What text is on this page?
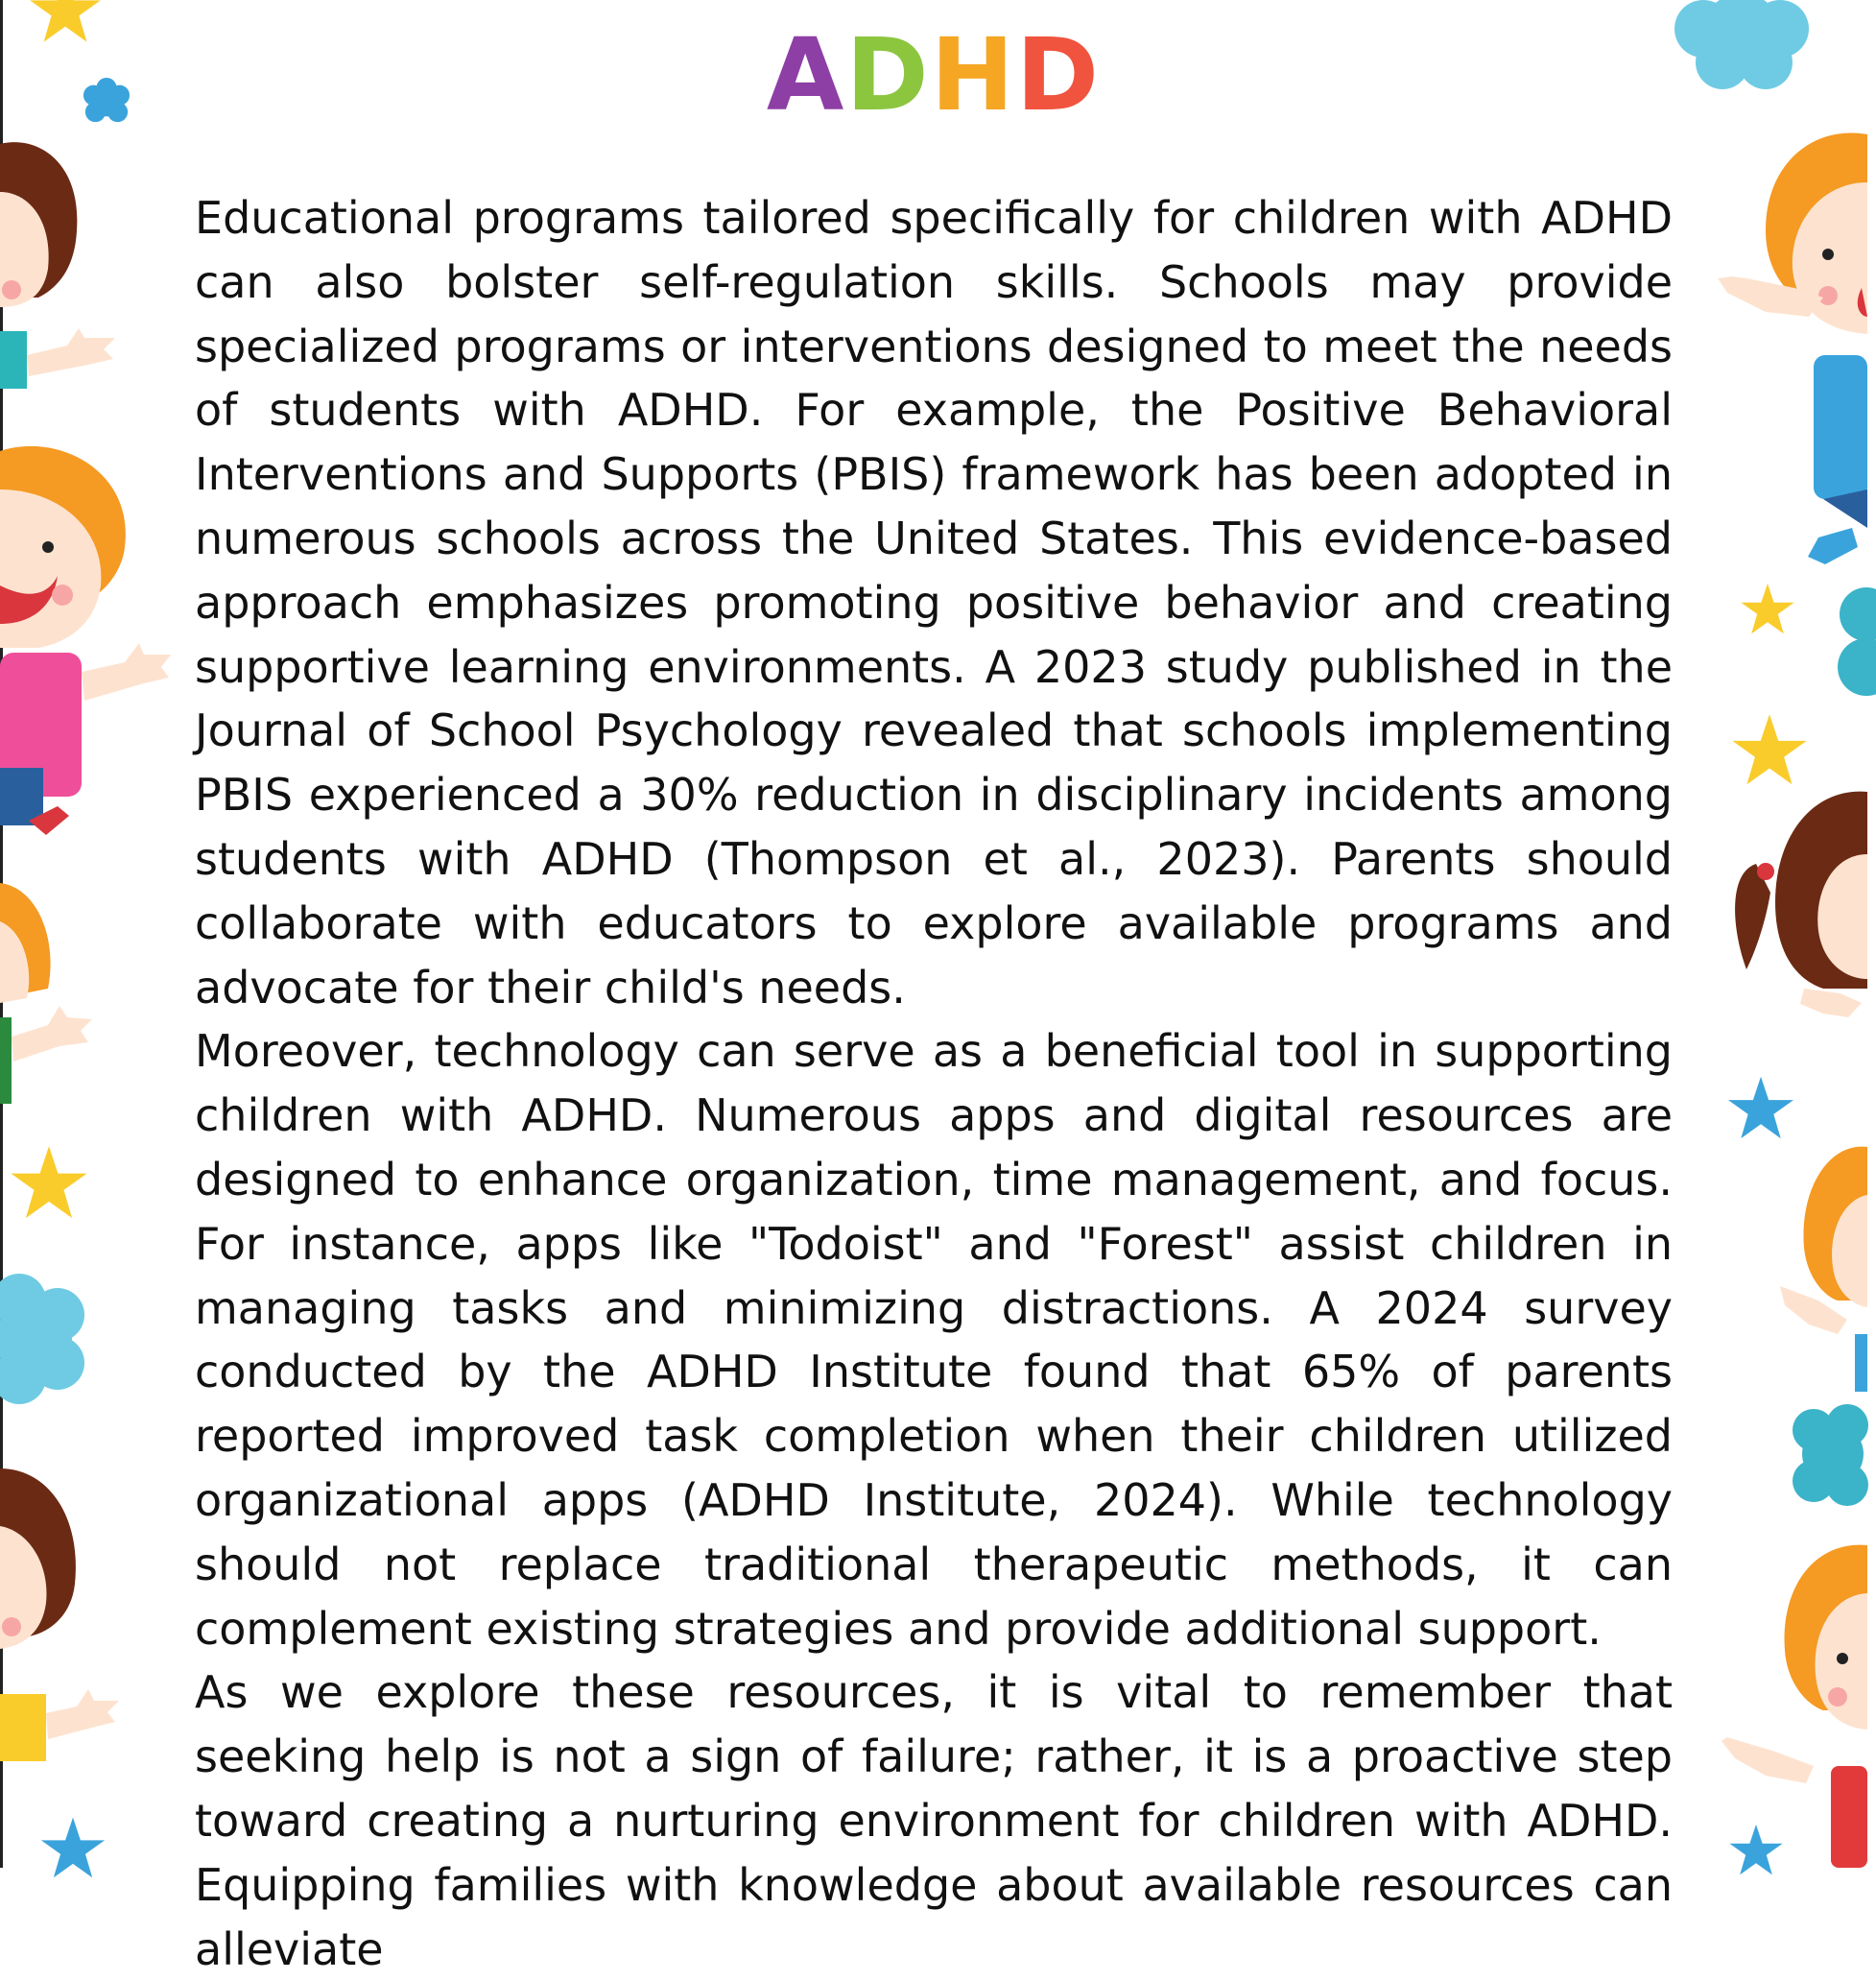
ADHD

Educational programs tailored specifically for children with ADHD can also bolster self-regulation skills. Schools may provide specialized programs or interventions designed to meet the needs of students with ADHD. For example, the Positive Behavioral Interventions and Supports (PBIS) framework has been adopted in numerous schools across the United States. This evidence-based approach emphasizes promoting positive behavior and creating supportive learning environments. A 2023 study published in the Journal of School Psychology revealed that schools implementing PBIS experienced a 30% reduction in disciplinary incidents among students with ADHD (Thompson et al., 2023). Parents should collaborate with educators to explore available programs and advocate for their child's needs.

Moreover, technology can serve as a beneficial tool in supporting children with ADHD. Numerous apps and digital resources are designed to enhance organization, time management, and focus. For instance, apps like "Todoist" and "Forest" assist children in managing tasks and minimizing distractions. A 2024 survey conducted by the ADHD Institute found that 65% of parents reported improved task completion when their children utilized organizational apps (ADHD Institute, 2024). While technology should not replace traditional therapeutic methods, it can complement existing strategies and provide additional support.

As we explore these resources, it is vital to remember that seeking help is not a sign of failure; rather, it is a proactive step toward creating a nurturing environment for children with ADHD. Equipping families with knowledge about available resources can alleviate
